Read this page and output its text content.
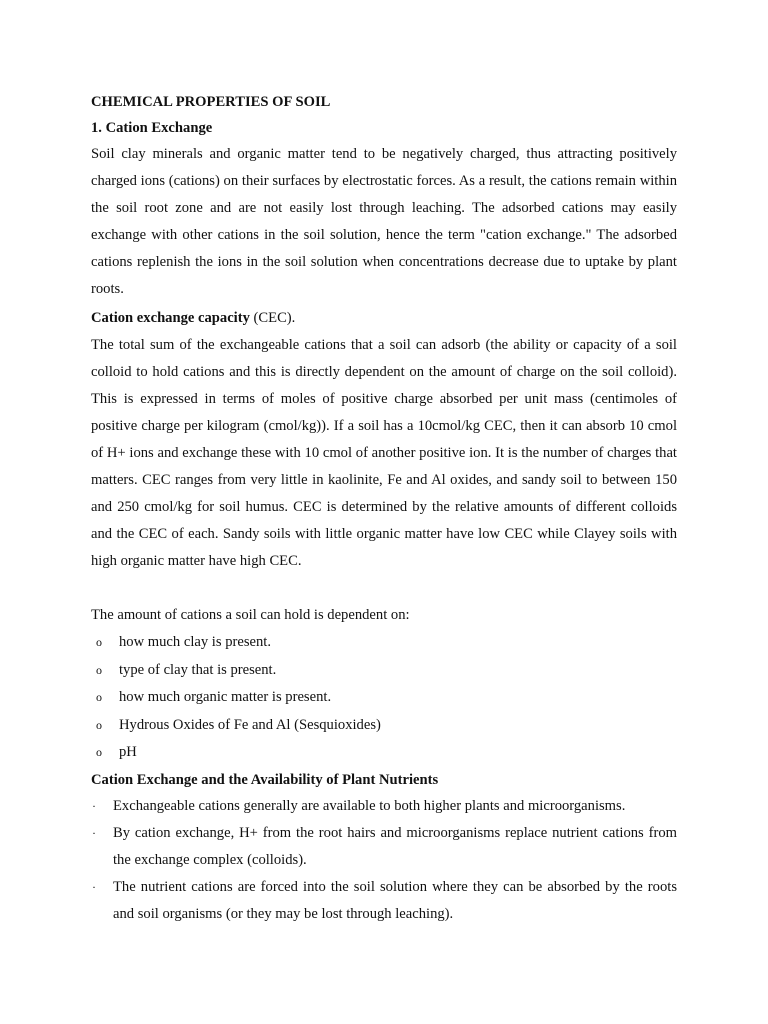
CHEMICAL PROPERTIES OF SOIL

1. Cation Exchange

Soil clay minerals and organic matter tend to be negatively charged, thus attracting positively charged ions (cations) on their surfaces by electrostatic forces. As a result, the cations remain within the soil root zone and are not easily lost through leaching. The adsorbed cations may easily exchange with other cations in the soil solution, hence the term "cation exchange." The adsorbed cations replenish the ions in the soil solution when concentrations decrease due to uptake by plant roots.

Cation exchange capacity (CEC).

The total sum of the exchangeable cations that a soil can adsorb (the ability or capacity of a soil colloid to hold cations and this is directly dependent on the amount of charge on the soil colloid). This is expressed in terms of moles of positive charge absorbed per unit mass (centimoles of positive charge per kilogram (cmol/kg)). If a soil has a 10cmol/kg CEC, then it can absorb 10 cmol of H+ ions and exchange these with 10 cmol of another positive ion. It is the number of charges that matters. CEC ranges from very little in kaolinite, Fe and Al oxides, and sandy soil to between 150 and 250 cmol/kg for soil humus. CEC is determined by the relative amounts of different colloids and the CEC of each. Sandy soils with little organic matter have low CEC while Clayey soils with high organic matter have high CEC.

The amount of cations a soil can hold is dependent on:

o how much clay is present.
o type of clay that is present.
o how much organic matter is present.
o Hydrous Oxides of Fe and Al (Sesquioxides)
o pH

Cation Exchange and the Availability of Plant Nutrients

· Exchangeable cations generally are available to both higher plants and microorganisms.
· By cation exchange, H+ from the root hairs and microorganisms replace nutrient cations from the exchange complex (colloids).
· The nutrient cations are forced into the soil solution where they can be absorbed by the roots and soil organisms (or they may be lost through leaching).
